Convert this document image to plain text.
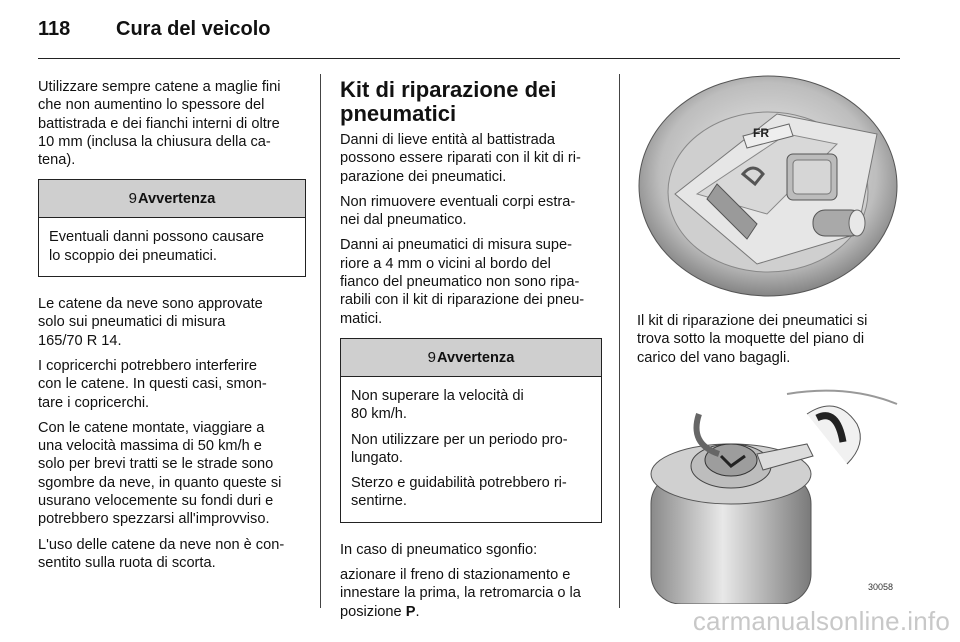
118 Cura del veicolo

Utilizzare sempre catene a maglie fini
che non aumentino lo spessore del
battistrada e dei fianchi interni di oltre
10 mm (inclusa la chiusura della ca-
tena).

9Avvertenza

Eventuali danni possono causare
lo scoppio dei pneumatici.

Le catene da neve sono approvate
solo sui pneumatici di misura
165/70 R 14.

I copricerchi potrebbero interferire
con le catene. In questi casi, smon-
tare i copricerchi.

Con le catene montate, viaggiare a
una velocità massima di 50 km/h e
solo per brevi tratti se le strade sono
sgombre da neve, in quanto queste si
usurano velocemente su fondi duri e
potrebbero spezzarsi all'improvviso.

L'uso delle catene da neve non è con-
sentito sulla ruota di scorta.

Kit di riparazione dei
pneumatici

Danni di lieve entità al battistrada
possono essere riparati con il kit di ri-
parazione dei pneumatici.

Non rimuovere eventuali corpi estra-
nei dal pneumatico.

Danni ai pneumatici di misura supe-
riore a 4 mm o vicini al bordo del
fianco del pneumatico non sono ripa-
rabili con il kit di riparazione dei pneu-
matici.

9Avvertenza

Non superare la velocità di
80 km/h.

Non utilizzare per un periodo pro-
lungato.

Sterzo e guidabilità potrebbero ri-
sentirne.

In caso di pneumatico sgonfio:

azionare il freno di stazionamento e
innestare la prima, la retromarcia o la
posizione P.

FR

Il kit di riparazione dei pneumatici si
trova sotto la moquette del piano di
carico del vano bagagli.

30058
carmanualsonline.info
